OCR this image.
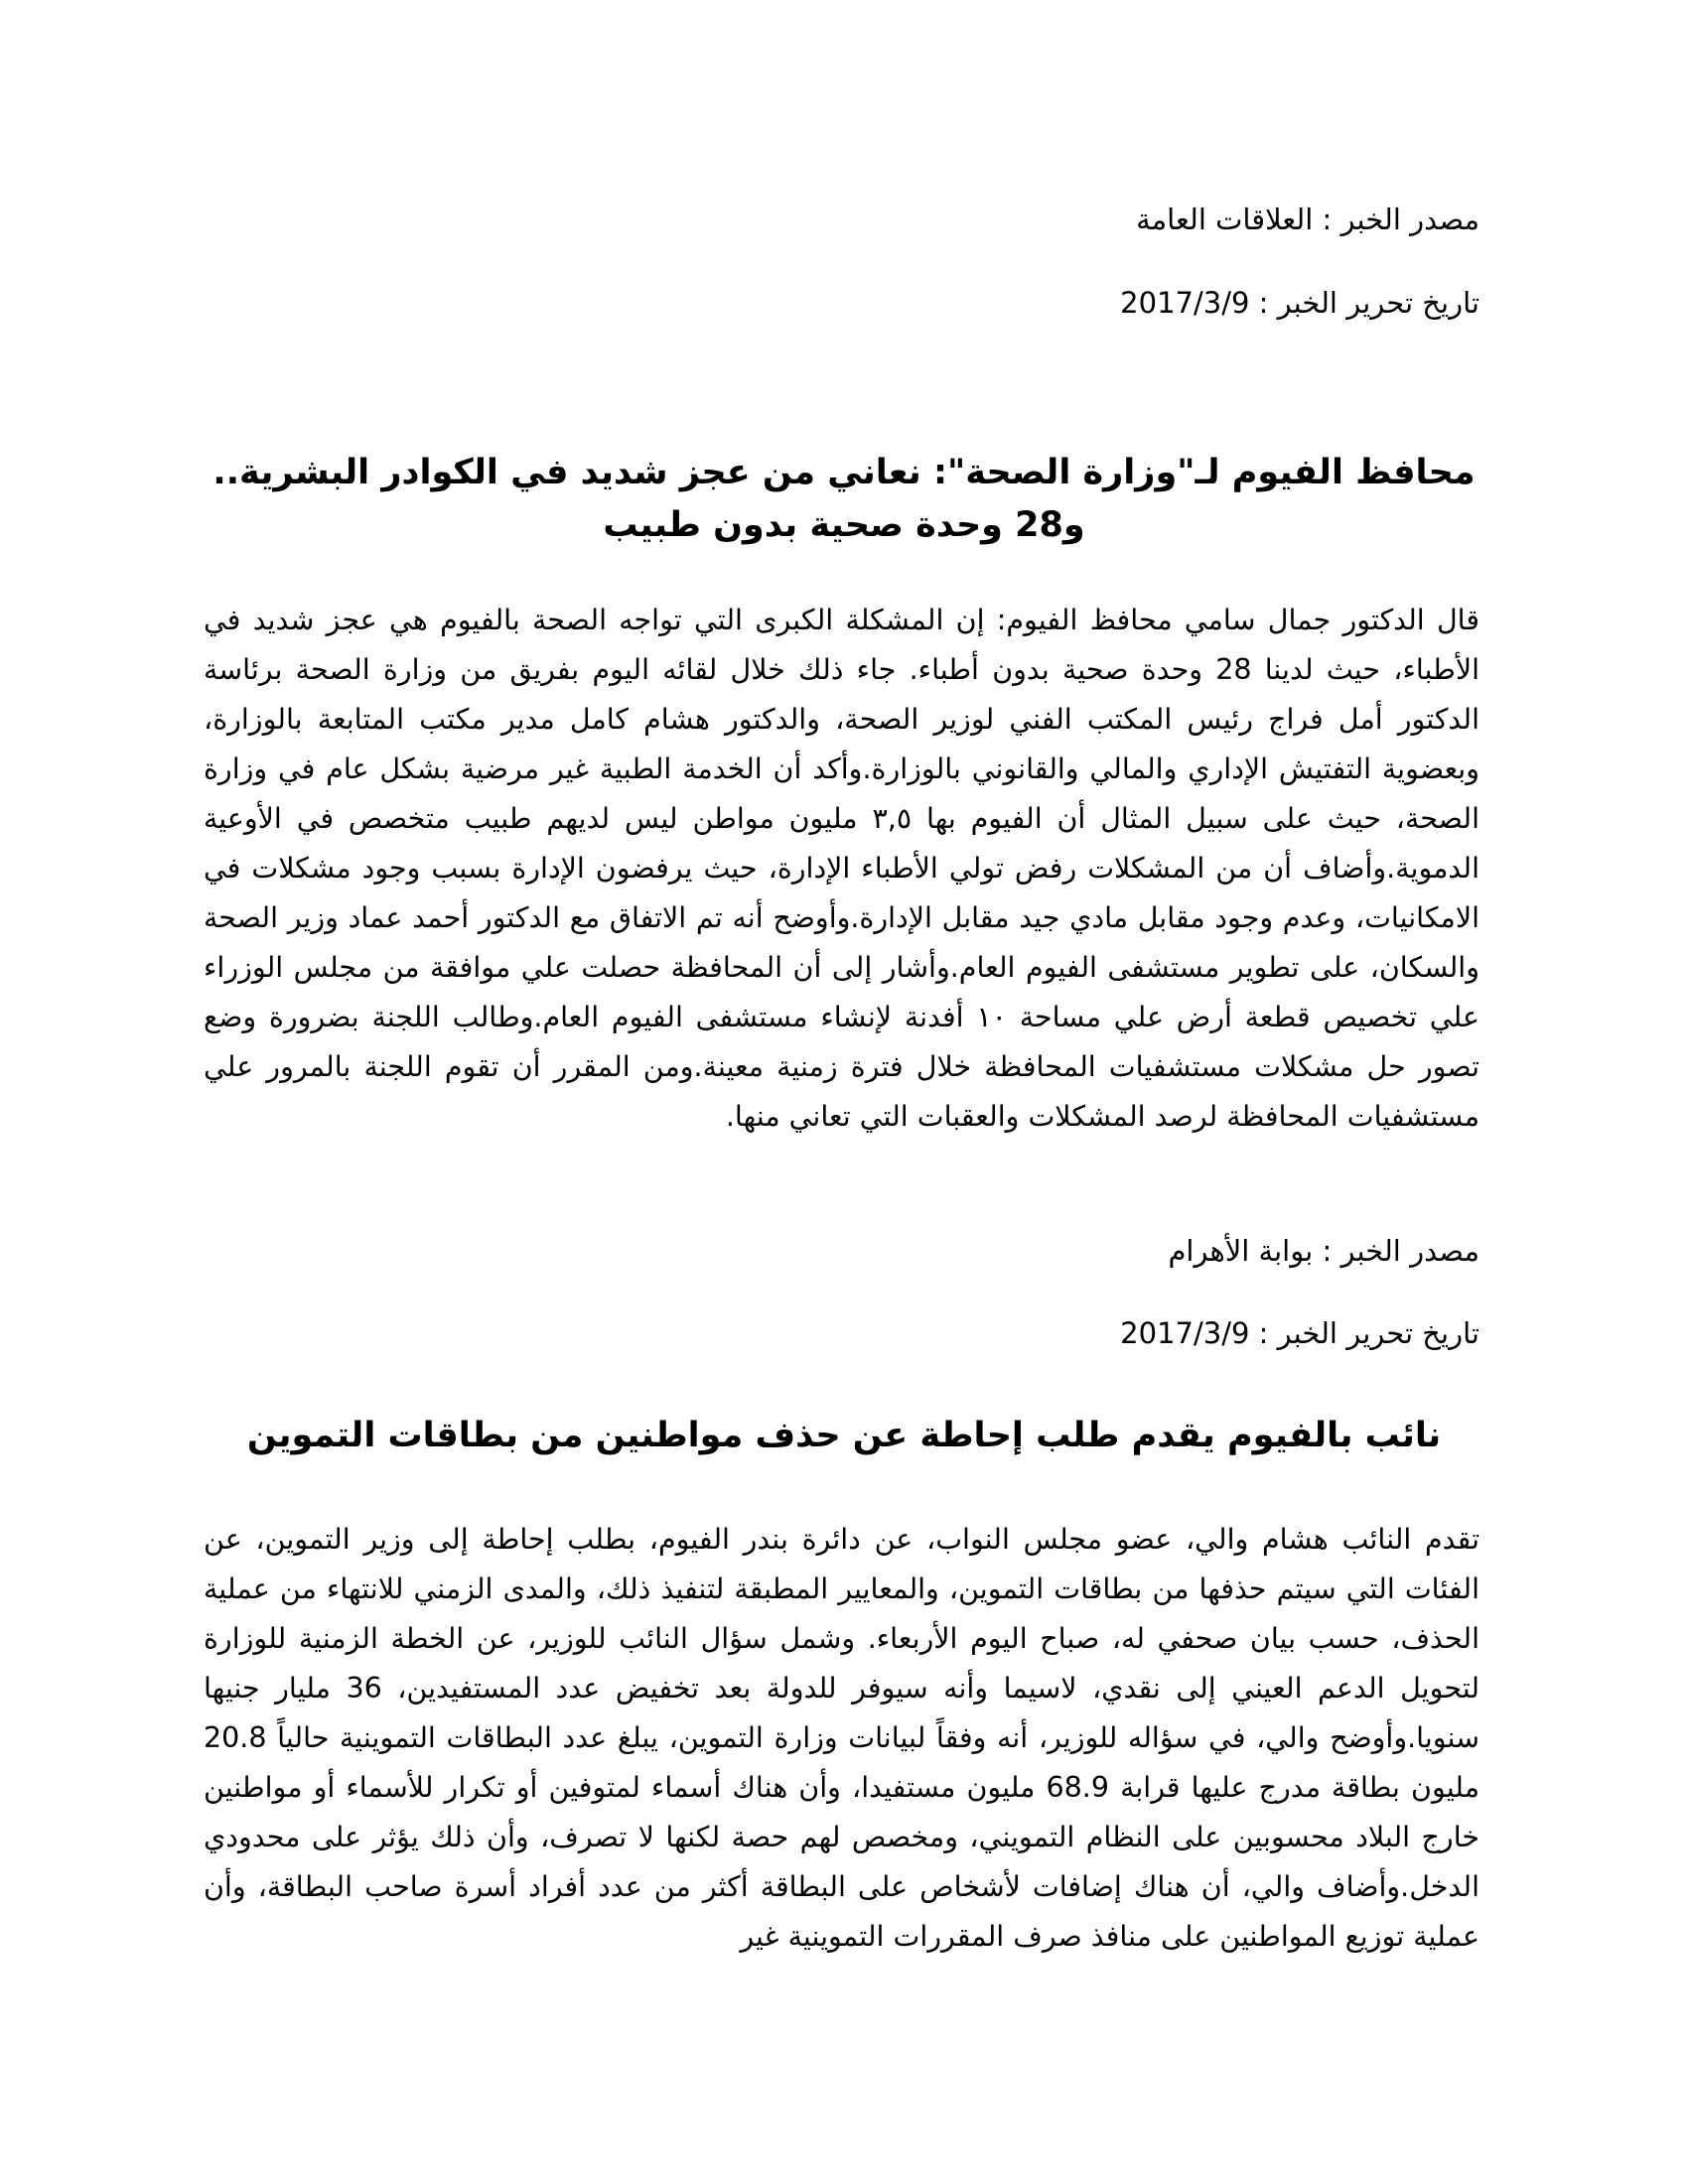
مصدر الخبر : العلاقات العامة
تاريخ تحرير الخبر : 2017/3/9
محافظ الفيوم لـ"وزارة الصحة": نعاني من عجز شديد في الكوادر البشرية..
و28 وحدة صحية بدون طبيب
قال الدكتور جمال سامي محافظ الفيوم: إن المشكلة الكبرى التي تواجه الصحة بالفيوم هي عجز شديد في الأطباء، حيث لدينا 28 وحدة صحية بدون أطباء. جاء ذلك خلال لقائه اليوم بفريق من وزارة الصحة برئاسة الدكتور أمل فراج رئيس المكتب الفني لوزير الصحة، والدكتور هشام كامل مدير مكتب المتابعة بالوزارة، وبعضوية التفتيش الإداري والمالي والقانوني بالوزارة.وأكد أن الخدمة الطبية غير مرضية بشكل عام في وزارة الصحة، حيث على سبيل المثال أن الفيوم بها ٣,٥ مليون مواطن ليس لديهم طبيب متخصص في الأوعية الدموية.وأضاف أن من المشكلات رفض تولي الأطباء الإدارة، حيث يرفضون الإدارة بسبب وجود مشكلات في الامكانيات، وعدم وجود مقابل مادي جيد مقابل الإدارة.وأوضح أنه تم الاتفاق مع الدكتور أحمد عماد وزير الصحة والسكان، على تطوير مستشفى الفيوم العام.وأشار إلى أن المحافظة حصلت علي موافقة من مجلس الوزراء علي تخصيص قطعة أرض علي مساحة ١٠ أفدنة لإنشاء مستشفى الفيوم العام.وطالب اللجنة بضرورة وضع تصور حل مشكلات مستشفيات المحافظة خلال فترة زمنية معينة.ومن المقرر أن تقوم اللجنة بالمرور علي مستشفيات المحافظة لرصد المشكلات والعقبات التي تعاني منها.
مصدر الخبر : بوابة الأهرام
تاريخ تحرير الخبر : 2017/3/9
نائب بالفيوم يقدم طلب إحاطة عن حذف مواطنين من بطاقات التموين
تقدم النائب هشام والي، عضو مجلس النواب، عن دائرة بندر الفيوم، بطلب إحاطة إلى وزير التموين، عن الفئات التي سيتم حذفها من بطاقات التموين، والمعايير المطبقة لتنفيذ ذلك، والمدى الزمني للانتهاء من عملية الحذف، حسب بيان صحفي له، صباح اليوم الأربعاء. وشمل سؤال النائب للوزير، عن الخطة الزمنية للوزارة لتحويل الدعم العيني إلى نقدي، لاسيما وأنه سيوفر للدولة بعد تخفيض عدد المستفيدين، 36 مليار جنيها سنويا.وأوضح والي، في سؤاله للوزير، أنه وفقاً لبيانات وزارة التموين، يبلغ عدد البطاقات التموينية حالياً 20.8 مليون بطاقة مدرج عليها قرابة 68.9 مليون مستفيدا، وأن هناك أسماء لمتوفين أو تكرار للأسماء أو مواطنين خارج البلاد محسوبين على النظام التمويني، ومخصص لهم حصة لكنها لا تصرف، وأن ذلك يؤثر على محدودي الدخل.وأضاف والي، أن هناك إضافات لأشخاص على البطاقة أكثر من عدد أفراد أسرة صاحب البطاقة، وأن عملية توزيع المواطنين على منافذ صرف المقررات التموينية غير
